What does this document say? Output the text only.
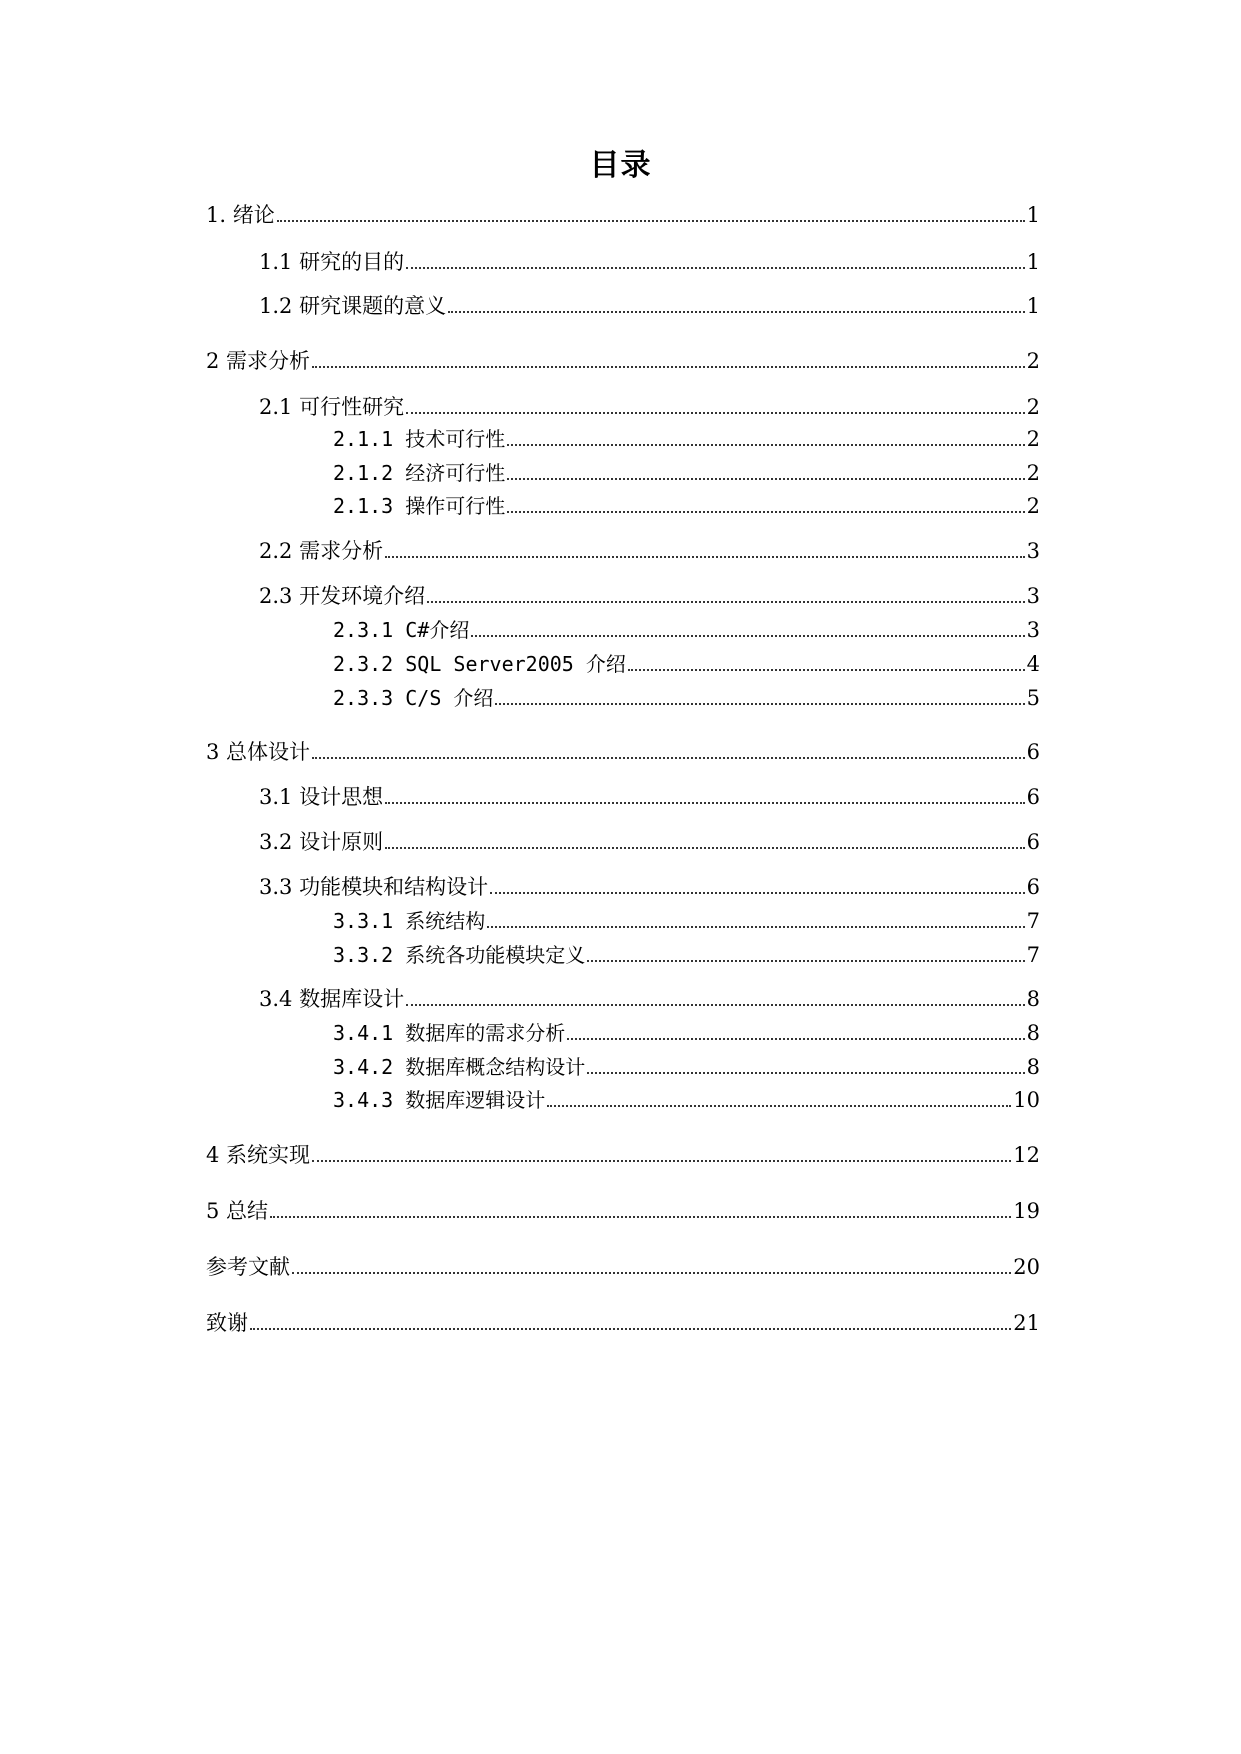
目录
1. 绪论	1
1.1 研究的目的	1
1.2 研究课题的意义	1
2 需求分析	2
2.1 可行性研究	2
2.1.1 技术可行性	2
2.1.2 经济可行性	2
2.1.3 操作可行性	2
2.2 需求分析	3
2.3 开发环境介绍	3
2.3.1 C#介绍	3
2.3.2 SQL Server2005 介绍	4
2.3.3 C/S 介绍	5
3 总体设计	6
3.1 设计思想	6
3.2 设计原则	6
3.3 功能模块和结构设计	6
3.3.1 系统结构	7
3.3.2 系统各功能模块定义	7
3.4 数据库设计	8
3.4.1 数据库的需求分析	8
3.4.2 数据库概念结构设计	8
3.4.3 数据库逻辑设计	10
4 系统实现	12
5 总结	19
参考文献	20
致谢	21
